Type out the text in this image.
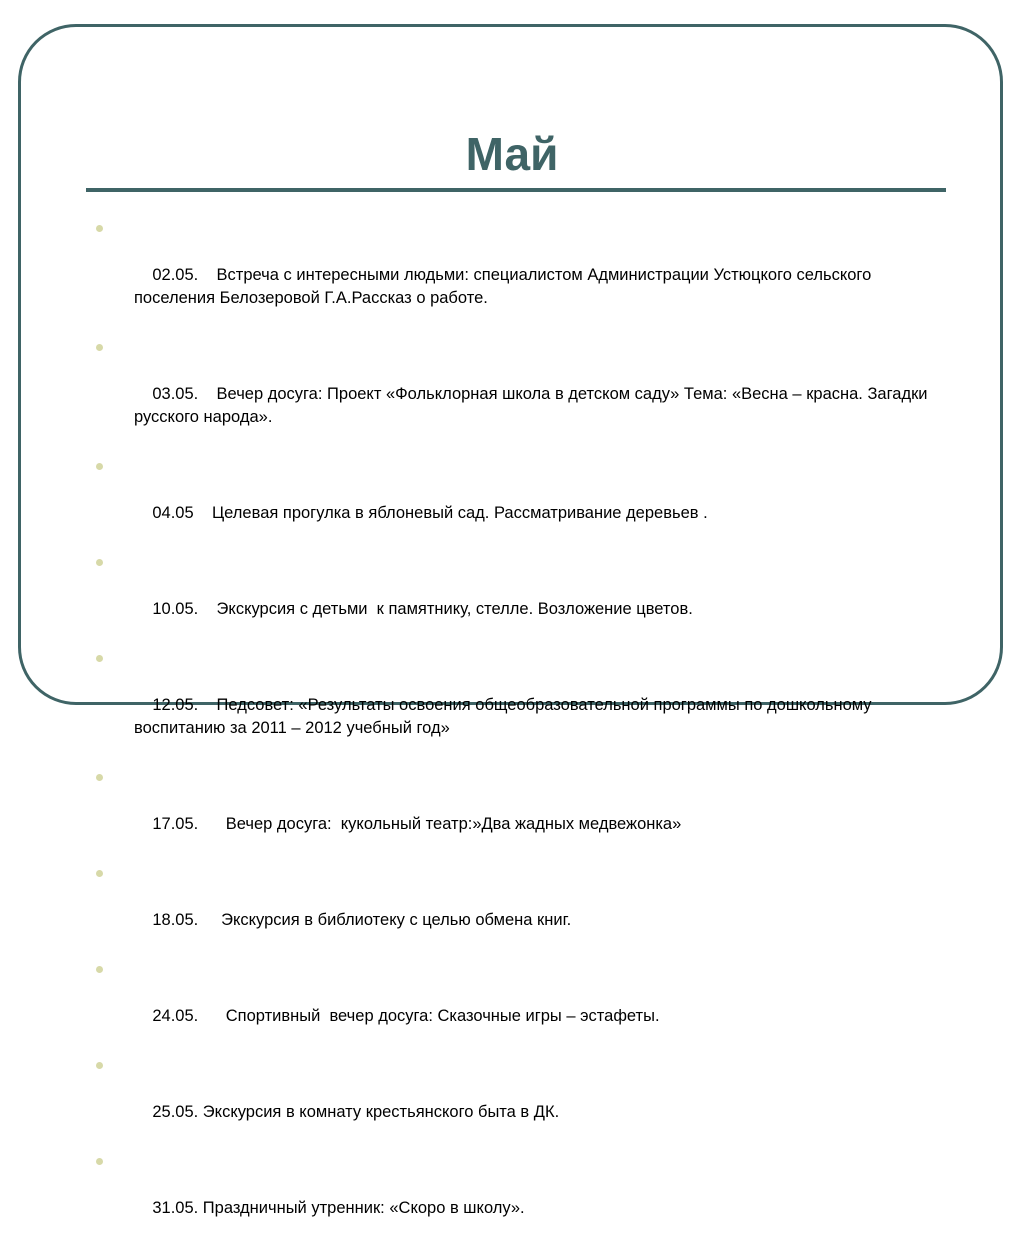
Май

02.05.    Встреча с интересными людьми: специалистом Администрации Устюцкого сельского поселения Белозеровой Г.А.Рассказ о работе.

03.05.    Вечер досуга: Проект «Фольклорная школа в детском саду» Тема: «Весна – красна. Загадки русского народа».

04.05    Целевая прогулка в яблоневый сад. Рассматривание деревьев .

10.05.    Экскурсия с детьми  к памятнику, стелле. Возложение цветов.

12.05.    Педсовет: «Результаты освоения общеобразовательной программы по дошкольному воспитанию за 2011 – 2012 учебный год»

17.05.      Вечер досуга:  кукольный театр:»Два жадных медвежонка»

18.05.     Экскурсия в библиотеку с целью обмена книг.

24.05.      Спортивный  вечер досуга: Сказочные игры – эстафеты.

25.05. Экскурсия в комнату крестьянского быта в ДК.

31.05. Праздничный утренник: «Скоро в школу».
